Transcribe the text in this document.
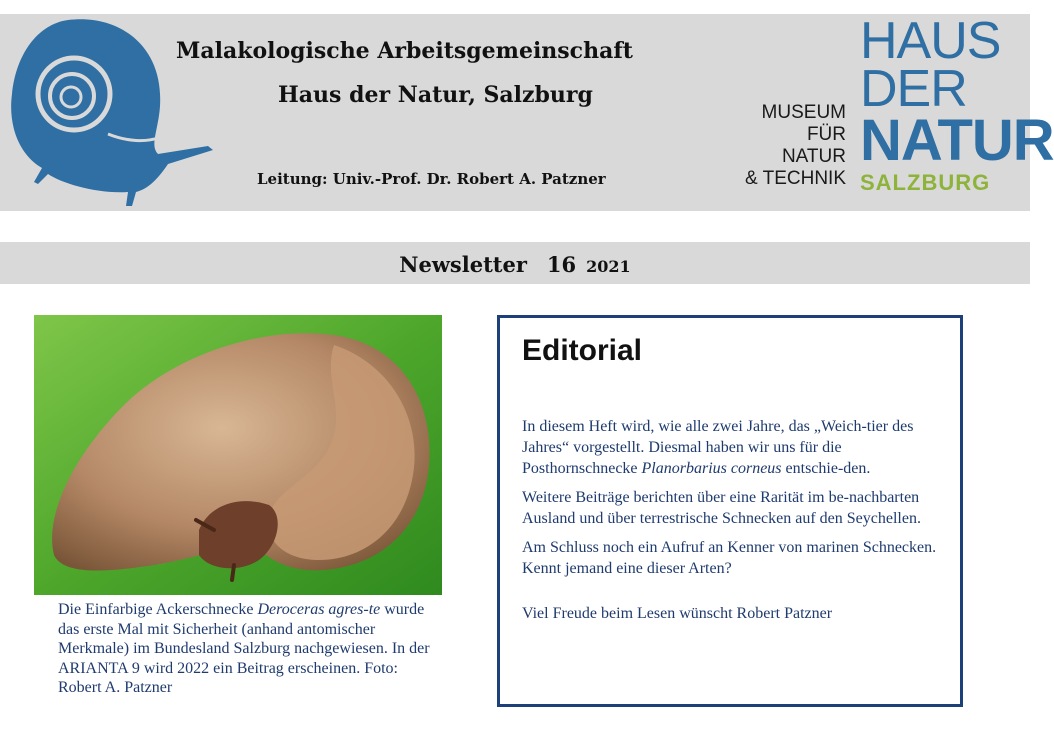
Malakologische Arbeitsgemeinschaft
Haus der Natur, Salzburg
Leitung: Univ.-Prof. Dr. Robert A. Patzner
MUSEUM
FÜR NATUR
& TECHNIK
HAUS
DER
NATUR
SALZBURG
Newsletter 16 2021
Die Einfarbige Ackerschnecke Deroceras agres-te wurde das erste Mal mit Sicherheit (anhand antomischer Merkmale) im Bundesland Salzburg nachgewiesen. In der ARIANTA 9 wird 2022 ein Beitrag erscheinen. Foto: Robert A. Patzner
Editorial

In diesem Heft wird, wie alle zwei Jahre, das „Weich-tier des Jahres“ vorgestellt. Diesmal haben wir uns für die Posthornschnecke Planorbarius corneus entschie-den.

Weitere Beiträge berichten über eine Rarität im be-nachbarten Ausland und über terrestrische Schnecken auf den Seychellen.

Am Schluss noch ein Aufruf an Kenner von marinen Schnecken. Kennt jemand eine dieser Arten?

Viel Freude beim Lesen wünscht Robert Patzner
